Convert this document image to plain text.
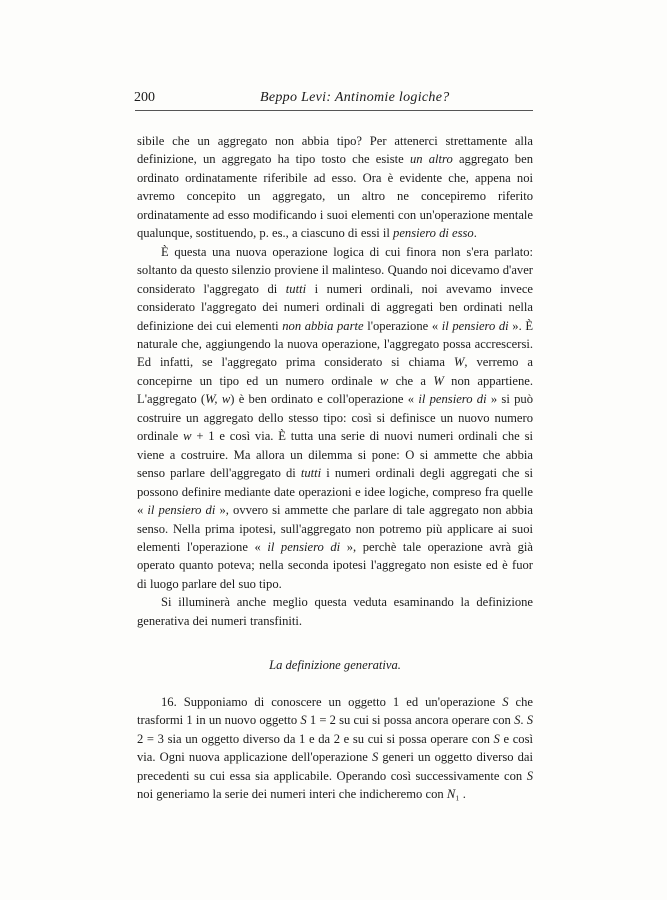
200	Beppo Levi: Antinomie logiche?

sibile che un aggregato non abbia tipo? Per attenerci strettamente alla definizione, un aggregato ha tipo tosto che esiste un altro aggregato ben ordinato ordinatamente riferibile ad esso. Ora è evidente che, appena noi avremo concepito un aggregato, un altro ne concepiremo riferito ordinatamente ad esso modificando i suoi elementi con un'operazione mentale qualunque, sostituendo, p. es., a ciascuno di essi il pensiero di esso.

È questa una nuova operazione logica di cui finora non s'era parlato: soltanto da questo silenzio proviene il malinteso. Quando noi dicevamo d'aver considerato l'aggregato di tutti i numeri ordinali, noi avevamo invece considerato l'aggregato dei numeri ordinali di aggregati ben ordinati nella definizione dei cui elementi non abbia parte l'operazione « il pensiero di ». È naturale che, aggiungendo la nuova operazione, l'aggregato possa accrescersi. Ed infatti, se l'aggregato prima considerato si chiama W, verremo a concepirne un tipo ed un numero ordinale w che a W non appartiene. L'aggregato (W, w) è ben ordinato e coll'operazione « il pensiero di » si può costruire un aggregato dello stesso tipo: così si definisce un nuovo numero ordinale w + 1 e così via. È tutta una serie di nuovi numeri ordinali che si viene a costruire. Ma allora un dilemma si pone: O si ammette che abbia senso parlare dell'aggregato di tutti i numeri ordinali degli aggregati che si possono definire mediante date operazioni e idee logiche, compreso fra quelle « il pensiero di », ovvero si ammette che parlare di tale aggregato non abbia senso. Nella prima ipotesi, sull'aggregato non potremo più applicare ai suoi elementi l'operazione « il pensiero di », perchè tale operazione avrà già operato quanto poteva; nella seconda ipotesi l'aggregato non esiste ed è fuor di luogo parlare del suo tipo.

Si illuminerà anche meglio questa veduta esaminando la definizione generativa dei numeri transfiniti.

La definizione generativa.

16. Supponiamo di conoscere un oggetto 1 ed un'operazione S che trasformi 1 in un nuovo oggetto S 1 = 2 su cui si possa ancora operare con S. S 2 = 3 sia un oggetto diverso da 1 e da 2 e su cui si possa operare con S e così via. Ogni nuova applicazione dell'operazione S generi un oggetto diverso dai precedenti su cui essa sia applicabile. Operando così successivamente con S noi generiamo la serie dei numeri interi che indicheremo con N₁ .
